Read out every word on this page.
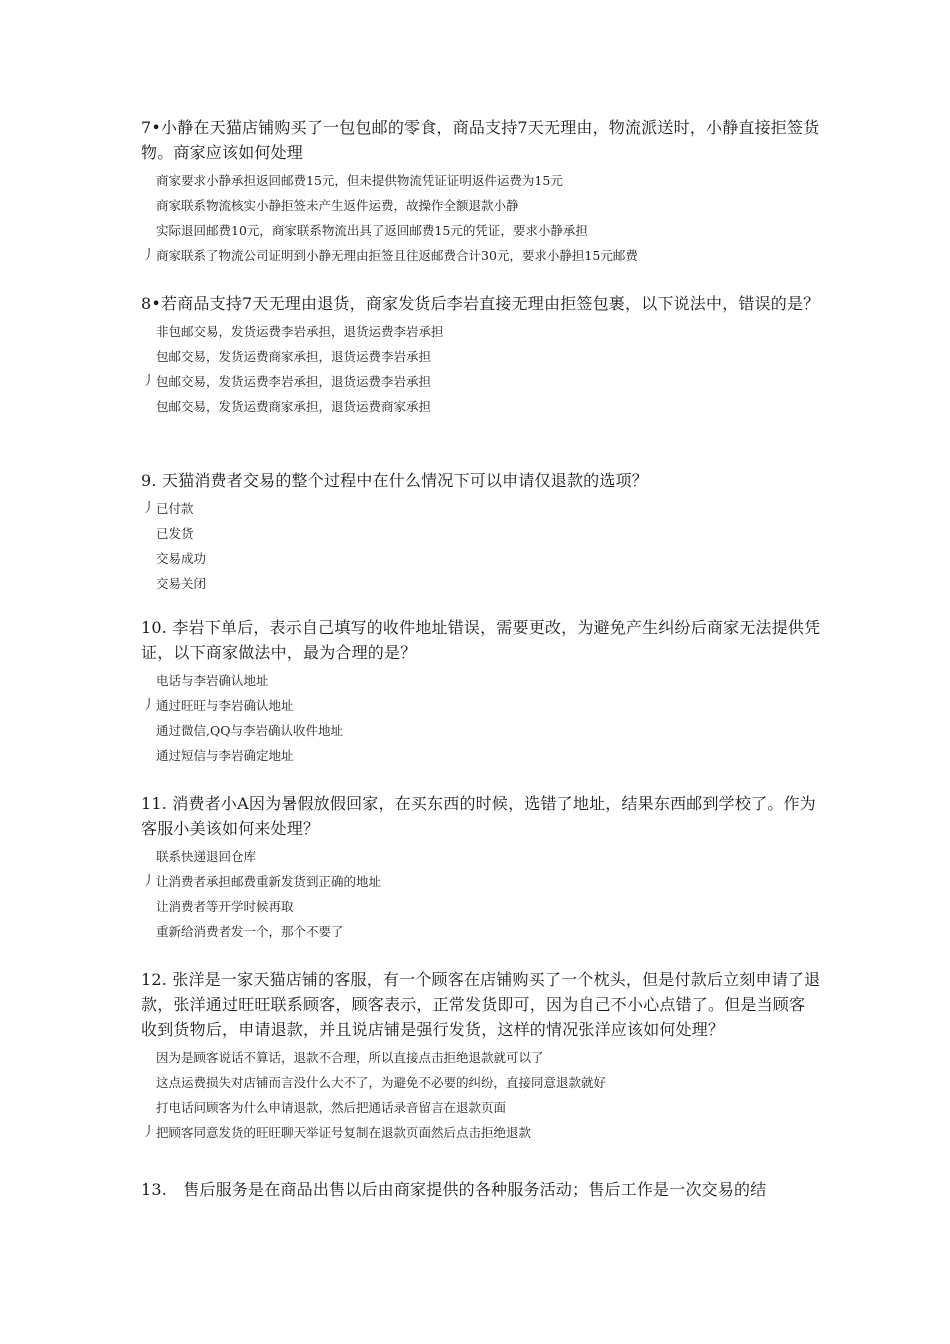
7•小静在天猫店铺购买了一包包邮的零食，商品支持7天无理由，物流派送时，小静直接拒签货物。商家应该如何处理
商家要求小静承担返回邮费15元，但未提供物流凭证证明返件运费为15元
商家联系物流核实小静拒签未产生返件运费，故操作全额退款小静
实际退回邮费10元，商家联系物流出具了返回邮费15元的凭证，要求小静承担
丿 商家联系了物流公司证明到小静无理由拒签且往返邮费合计30元，要求小静担15元邮费
8•若商品支持7天无理由退货，商家发货后李岩直接无理由拒签包裹，以下说法中，错误的是？
非包邮交易，发货运费李岩承担，退货运费李岩承担
包邮交易，发货运费商家承担，退货运费李岩承担
丿 包邮交易，发货运费李岩承担，退货运费李岩承担
包邮交易，发货运费商家承担，退货运费商家承担
9. 天猫消费者交易的整个过程中在什么情况下可以申请仅退款的选项？
丿 已付款
已发货
交易成功
交易关闭
10. 李岩下单后，表示自己填写的收件地址错误，需要更改，为避免产生纠纷后商家无法提供凭证，以下商家做法中，最为合理的是？
电话与李岩确认地址
丿 通过旺旺与李岩确认地址
通过微信,QQ与李岩确认收件地址
通过短信与李岩确定地址
11. 消费者小A因为暑假放假回家，在买东西的时候，选错了地址，结果东西邮到学校了。作为客服小美该如何来处理？
联系快递退回仓库
丿 让消费者承担邮费重新发货到正确的地址
让消费者等开学时候再取
重新给消费者发一个，那个不要了
12. 张洋是一家天猫店铺的客服，有一个顾客在店铺购买了一个枕头，但是付款后立刻申请了退款，张洋通过旺旺联系顾客，顾客表示，正常发货即可，因为自己不小心点错了。但是当顾客收到货物后，申请退款，并且说店铺是强行发货，这样的情况张洋应该如何处理？
因为是顾客说话不算话，退款不合理，所以直接点击拒绝退款就可以了
这点运费损失对店铺而言没什么大不了，为避免不必要的纠纷，直接同意退款就好
打电话问顾客为什么申请退款，然后把通话录音留言在退款页面
丿 把顾客同意发货的旺旺聊天举证号复制在退款页面然后点击拒绝退款
13.　售后服务是在商品出售以后由商家提供的各种服务活动；售后工作是一次交易的结
